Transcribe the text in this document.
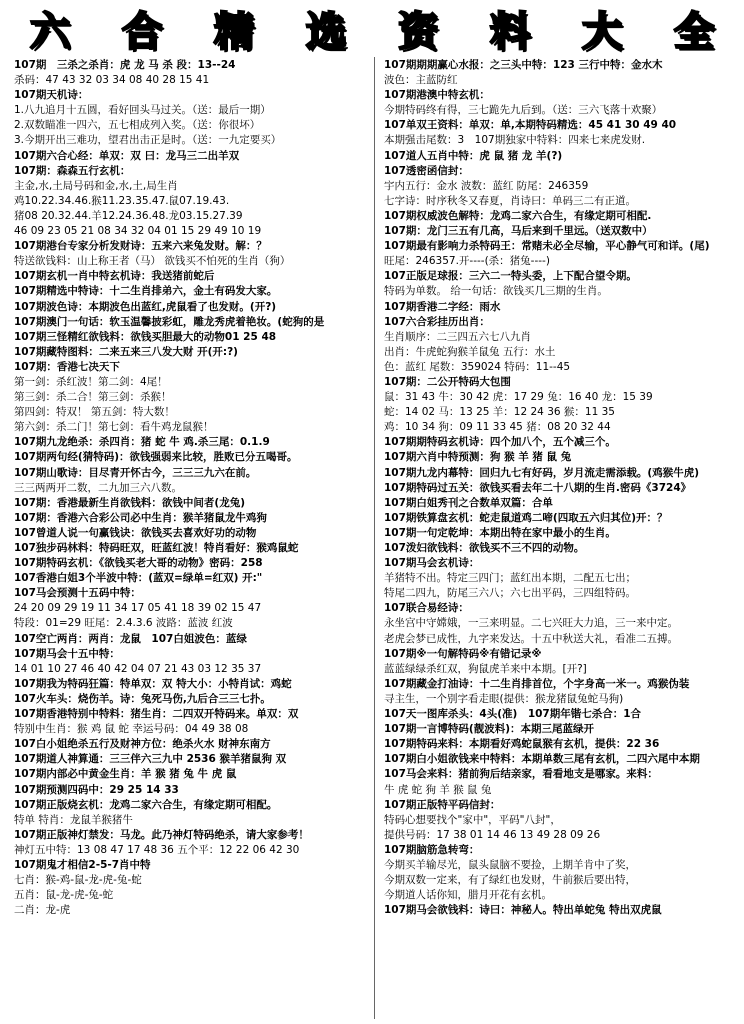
六 合 精 选 资 料 大 全
107期　三杀之杀肖：虎 龙 马 杀 段：13--24
杀码：47 43 32 03 34 08 40 28 15 41
107期天机诗：
1.八九追月十五圆，看好回头马过关。（送：最后一期）
2.双数瞄准一四六，五七相成列入奖。（送：你很坏）
3.今期开出三难功，望君出击正是时。（送：一九定要买）
107期六合心经：单双：双 曰：龙马三二出羊双
107期：森森五行玄机：
主金,水,土局号码和金,水,土,局生肖
鸡10.22.34.46.猴11.23.35.47.鼠07.19.43.
猪08 20.32.44.羊12.24.36.48.龙03.15.27.39
46 09 23 05 21 08 34 32 04 01 15 29 49 10 19
107期港台专家分析发财诗：五来六来兔发财。解：？
特送欲钱料：山上称王者（马） 欲钱买不怕死的生肖（狗）
107期玄机一肖中特玄机诗：我送猪前蛇后
107期精选中特诗：十二生肖排弟六，金土有码发大家。
107期波色诗：本期波色出蓝红,虎鼠看了也发财。(开?)
107期澳门一句话：软玉温馨披彩虹，雕龙秀虎着艳妆。(蛇狗的是
107期三怪精红欲钱料：欲钱买胆最大的动物01 25 48
107期藏特图料：二来五来三八发大财 开(开:?)
107期：香港七决天下
第一剑：杀红波！第二剑：4尾！
第三剑：杀二合！第三剑：杀猴！
第四剑：特双！ 第五剑：特大数！
第六剑：杀二门！第七剑：看牛鸡龙鼠猴！
107期九龙绝杀：杀四肖：猪 蛇 牛 鸡.杀三尾：0.1.9
107期两句经(猜特码)：欲钱强弱来比较，胜败已分五喝哥。
107期山歌诗：目尽青开怀古今，三三三九六在前。
三三两两开二数，二九加三六八数。
107期：香港最新生肖欲钱料：欲钱中间者(龙兔)
107期：香港六合彩公司必中生肖：猴羊猪鼠龙牛鸡狗
107曾道人说一句赢钱诀：欲钱买去喜欢好功的动物
107独步码林料：特码旺双，旺蓝红波！特肖看好：猴鸡鼠蛇
107期特码玄机：《欲钱买老大哥的动物》密码：258
107香港白姐3个半波中特：(蓝双=绿单=红双) 开:"
107马会预测十五码中特：
24 20 09 29 19 11 34 17 05 41 18 39 02 15 47
特段：01=29 旺尾：2.4.3.6 波路：蓝波 红波
107空亡两肖：两肖：龙鼠　107白姐波色：蓝绿
107期马会十五中特：
14 01 10 27 46 40 42 04 07 21 43 03 12 35 37
107期我为特码狂篇：特单双：双 特大小：小特肖试：鸡蛇
107火车头：烧伤羊。诗：兔死马伤,九后合三三七扑。
107期香港特别中特料：猪生肖：二四双开特码来。单双：双
特别中生肖：猴 鸡 鼠 蛇 幸运号码：04 49 38 08
107白小姐绝杀五行及财神方位：绝杀火水 财神东南方
107期道人神算通：三三伴六三九中 2536 猴羊猪鼠狗 双
107期内部必中黄金生肖：羊 猴 猪 兔 牛 虎 鼠
107期预测四码中：29 25 14 33
107期正版烧玄机：龙鸡二家六合生，有缘定期可相配。
特单 特肖：龙鼠羊猴猪牛
107期正版神灯禁发：马龙。此乃神灯特码绝杀，请大家参考！
神灯五中特：13 08 47 17 48 36 五个平：12 22 06 42 30
107期鬼才相信2-5-7肖中特
七肖：猴-鸡-鼠-龙-虎-兔-蛇
五肖：鼠-龙-虎-兔-蛇
二肖：龙-虎
107期期期赢心水报：之三头中特：123 三行中特：金水木
波色：主蓝防红
107期港澳中特玄机：
今期特码终有得，三七跪先九后到。（送：三六飞落十欢聚）
107单双王资料：单双：单,本期特码精选：45 41 30 49 40
本期强击尾数：3　107期独家中特料：四来七来虎发财.
107道人五肖中特：虎 鼠 猪 龙 羊(?)
107透密函信封：
宇内五行：金水 波数：蓝红 防尾：246359
七字诗：时序秋冬又春夏，肖诗曰：单码三二有正道。
107期权威波色解特：龙鸡二家六合生，有缘定期可相配.
107期：龙门三五有几高，马后来到千里远。（送双数中）
107期最有影响力杀特码王：常赌未必全尽输，平心静气可和详。(尾)
旺尾：246357.开----(杀：猪兔----)
107正版足球报：三六二一特头委，上下配合望令期。
特码为单数。 给一句话：欲钱买几三期的生肖。
107期香港二字经：雨水
107六合彩挂历出肖：
生肖顺序：二三四五六七八九肖
出肖：牛虎蛇狗猴羊鼠兔 五行：水土
色：蓝红 尾数：359024 特码：11--45
107期：二公开特码大包围
鼠：31 43 牛：30 42 虎：17 29 兔：16 40 龙：15 39
蛇：14 02 马：13 25 羊：12 24 36 猴：11 35
鸡：10 34 狗：09 11 33 45 猪：08 20 32 44
107期期特码玄机诗：四个加八个，五个减三个。
107期六肖中特预测：狗 猴 羊 猪 鼠 兔
107期九龙内幕特：回归九七有好码，岁月流走需添载。(鸡猴牛虎)
107期特码过五关：欲钱买看去年二十八期的生肖.密码《3724》
107期白姐秀刊之合数单双篇：合单
107期铁算盘玄机：蛇走鼠道鸡二啼(四取五六归其位)开：？
107期一句定乾坤：本期出特在家中最小的生肖。
107泼妇欲钱料：欲钱买不三不四的动物。
107期马会玄机诗：
羊猪特不出。特定三四门；蓝红出本期，二配五七出；
特尾二四九，防尾三六八；六七出平码，三四组特码。
107联合易经诗：
永坐宫中守嫦娥，一三来明显。二七兴旺大力追，三一来中定。
老虎会梦已成性，九字来发达。十五中秋送大礼，看准二五搏。
107期※一句解特码※有错记录※
蓝蓝绿绿杀红双，狗鼠虎羊来中本期。[开?]
107期藏金打油诗：十二生肖排首位，个字身高一米一。鸡猴伪装
寻主生，一个别字看走眼(提供：猴龙猪鼠兔蛇马狗)
107天一图库杀头：4头(准)　107期年锴七杀合：1合
107期一言博特码(靓波料)：本期三尾蓝绿开
107期特码来料：本期看好鸡蛇鼠猴有玄机，提供：22 36
107期白小姐欲钱来中特料：本期单数三尾有玄机，二四六尾中本期
107马会来料：猪前狗后结亲家，看看地支是哪家。来料：
牛 虎 蛇 狗 羊 猴 鼠 兔
107期正版特平码信封：
特码心想要找个"家中"，平码"八封"，
提供号码：17 38 01 14 46 13 49 28 09 26
107期脑筋急转弯：
今期买羊输尽光，鼠头鼠脑不要捡，上期羊肯中了奖，
今期双数一定来，有了绿红也发财，牛前猴后要出特，
今期道人话你知，腊月开花有玄机。
107期马会欲钱料：诗曰：神秘人。特出单蛇兔 特出双虎鼠
